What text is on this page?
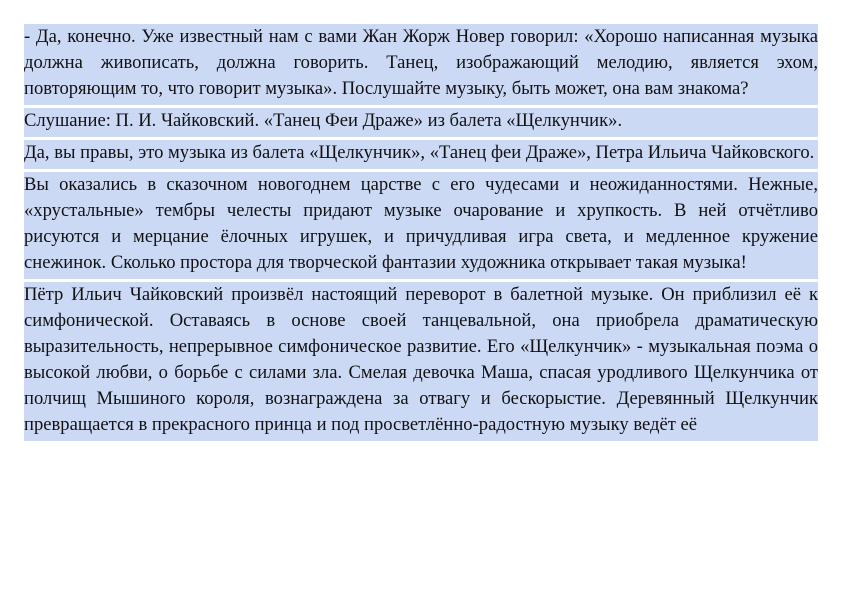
- Да, конечно. Уже известный нам с вами Жан Жорж Новер говорил: «Хорошо написанная музыка должна живописать, должна говорить. Танец, изображающий мелодию, является эхом, повторяющим то, что говорит музыка». Послушайте музыку, быть может, она вам знакома?

Слушание: П. И. Чайковский. «Танец Феи Драже» из балета «Щелкунчик».

Да, вы правы, это музыка из балета «Щелкунчик», «Танец феи Драже», Петра Ильича Чайковского.

Вы оказались в сказочном новогоднем царстве с его чудесами и неожиданностями. Нежные, «хрустальные» тембры челесты придают музыке очарование и хрупкость. В ней отчётливо рисуются и мерцание ёлочных игрушек, и причудливая игра света, и медленное кружение снежинок. Сколько простора для творческой фантазии художника открывает такая музыка!

Пётр Ильич Чайковский произвёл настоящий переворот в балетной музыке. Он приблизил её к симфонической. Оставаясь в основе своей танцевальной, она приобрела драматическую выразительность, непрерывное симфоническое развитие. Его «Щелкунчик» - музыкальная поэма о высокой любви, о борьбе с силами зла. Смелая девочка Маша, спасая уродливого Щелкунчика от полчищ Мышиного короля, вознаграждена за отвагу и бескорыстие. Деревянный Щелкунчик превращается в прекрасного принца и под просветлённо-радостную музыку ведёт её
